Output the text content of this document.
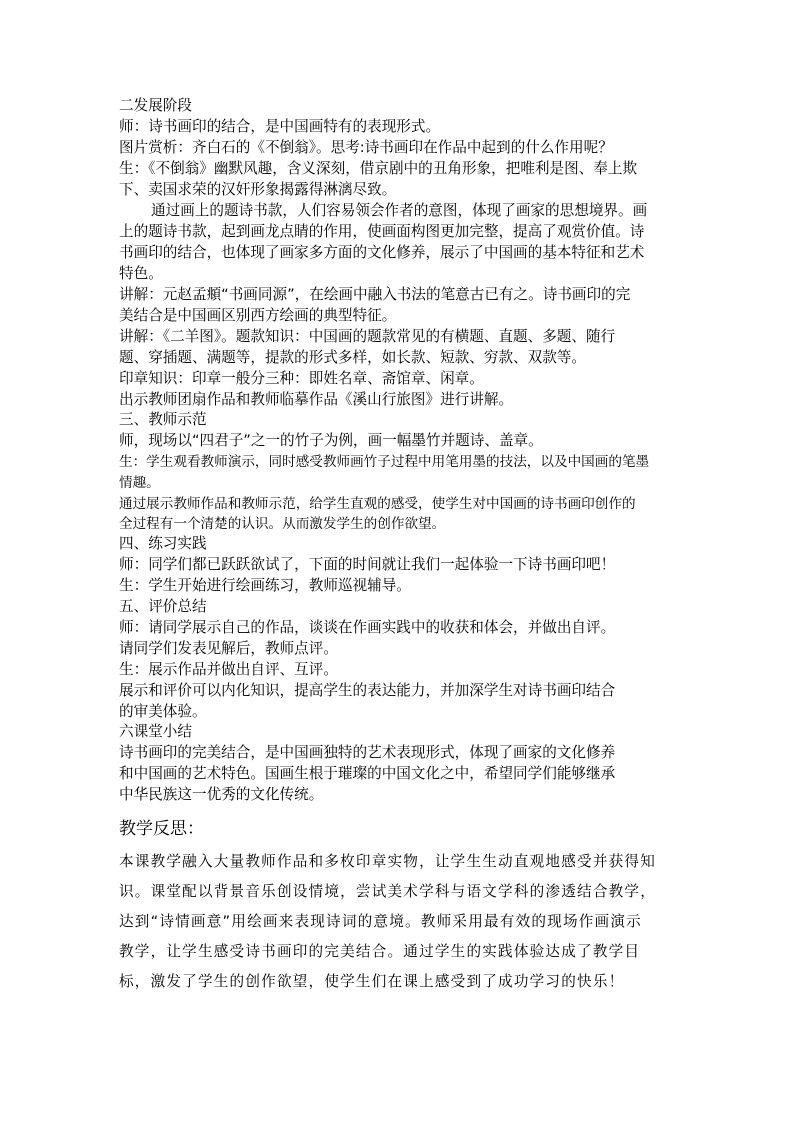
二发展阶段
师：诗书画印的结合，是中国画特有的表现形式。
图片赏析：齐白石的《不倒翁》。思考:诗书画印在作品中起到的什么作用呢？
生：《不倒翁》幽默风趣，含义深刻，借京剧中的丑角形象，把唯利是图、奉上欺
下、卖国求荣的汉奸形象揭露得淋漓尽致。
通过画上的题诗书款，人们容易领会作者的意图，体现了画家的思想境界。画
上的题诗书款，起到画龙点睛的作用，使画面构图更加完整，提高了观赏价值。诗
书画印的结合，也体现了画家多方面的文化修养，展示了中国画的基本特征和艺术
特色。
讲解：元赵孟頫“书画同源”，在绘画中融入书法的笔意古已有之。诗书画印的完
美结合是中国画区别西方绘画的典型特征。
讲解：《二羊图》。题款知识：中国画的题款常见的有横题、直题、多题、随行
题、穿插题、满题等，提款的形式多样，如长款、短款、穷款、双款等。
印章知识：印章一般分三种：即姓名章、斋馆章、闲章。
出示教师团扇作品和教师临摹作品《溪山行旅图》进行讲解。
三、教师示范
师，现场以“四君子”之一的竹子为例，画一幅墨竹并题诗、盖章。
生：学生观看教师演示，同时感受教师画竹子过程中用笔用墨的技法，以及中国画的笔墨
情趣。
通过展示教师作品和教师示范，给学生直观的感受，使学生对中国画的诗书画印创作的
全过程有一个清楚的认识。从而激发学生的创作欲望。
四、练习实践
师：同学们都已跃跃欲试了，下面的时间就让我们一起体验一下诗书画印吧！
生：学生开始进行绘画练习，教师巡视辅导。
五、评价总结
师：请同学展示自己的作品，谈谈在作画实践中的收获和体会，并做出自评。
请同学们发表见解后，教师点评。
生：展示作品并做出自评、互评。
展示和评价可以内化知识，提高学生的表达能力，并加深学生对诗书画印结合
的审美体验。
六课堂小结
诗书画印的完美结合，是中国画独特的艺术表现形式，体现了画家的文化修养
和中国画的艺术特色。国画生根于璀璨的中国文化之中，希望同学们能够继承
中华民族这一优秀的文化传统。
教学反思：
本课教学融入大量教师作品和多枚印章实物，让学生生动直观地感受并获得知
识。课堂配以背景音乐创设情境，尝试美术学科与语文学科的渗透结合教学，
达到“诗情画意”用绘画来表现诗词的意境。教师采用最有效的现场作画演示
教学，让学生感受诗书画印的完美结合。通过学生的实践体验达成了教学目
标，激发了学生的创作欲望，使学生们在课上感受到了成功学习的快乐！
